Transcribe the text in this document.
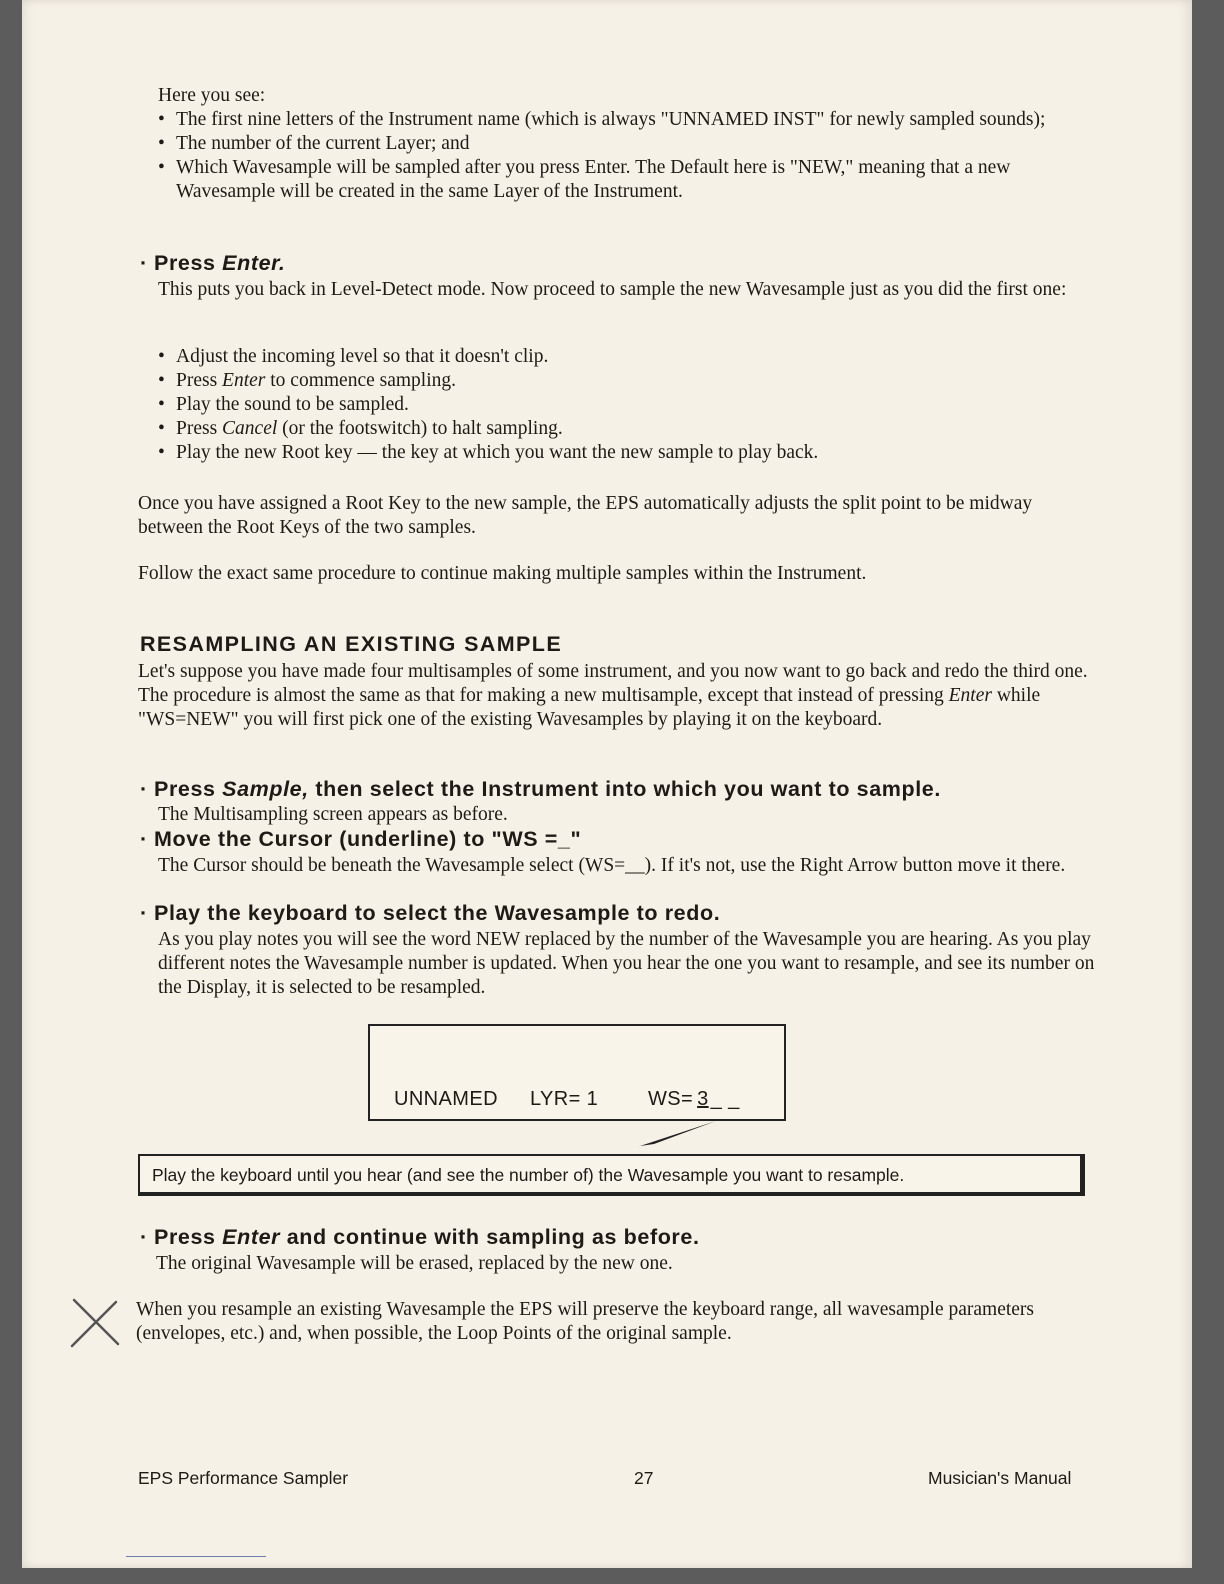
Here you see:
• The first nine letters of the Instrument name (which is always "UNNAMED INST" for newly sampled sounds);
• The number of the current Layer; and
• Which Wavesample will be sampled after you press Enter. The Default here is "NEW," meaning that a new Wavesample will be created in the same Layer of the Instrument.
· Press Enter.
This puts you back in Level-Detect mode. Now proceed to sample the new Wavesample just as you did the first one:
• Adjust the incoming level so that it doesn't clip.
• Press Enter to commence sampling.
• Play the sound to be sampled.
• Press Cancel (or the footswitch) to halt sampling.
• Play the new Root key — the key at which you want the new sample to play back.
Once you have assigned a Root Key to the new sample, the EPS automatically adjusts the split point to be midway between the Root Keys of the two samples.
Follow the exact same procedure to continue making multiple samples within the Instrument.
RESAMPLING AN EXISTING SAMPLE
Let's suppose you have made four multisamples of some instrument, and you now want to go back and redo the third one. The procedure is almost the same as that for making a new multisample, except that instead of pressing Enter while "WS=NEW" you will first pick one of the existing Wavesamples by playing it on the keyboard.
· Press Sample, then select the Instrument into which you want to sample.
The Multisampling screen appears as before.
· Move the Cursor (underline) to "WS =_"
The Cursor should be beneath the Wavesample select (WS=__). If it's not, use the Right Arrow button move it there.
· Play the keyboard to select the Wavesample to redo.
As you play notes you will see the word NEW replaced by the number of the Wavesample you are hearing. As you play different notes the Wavesample number is updated. When you hear the one you want to resample, and see its number on the Display, it is selected to be resampled.
UNNAMED LYR= 1 WS= 3 _ _
Play the keyboard until you hear (and see the number of) the Wavesample you want to resample.
· Press Enter and continue with sampling as before.
The original Wavesample will be erased, replaced by the new one.
When you resample an existing Wavesample the EPS will preserve the keyboard range, all wavesample parameters (envelopes, etc.) and, when possible, the Loop Points of the original sample.
EPS Performance Sampler	27	Musician's Manual
